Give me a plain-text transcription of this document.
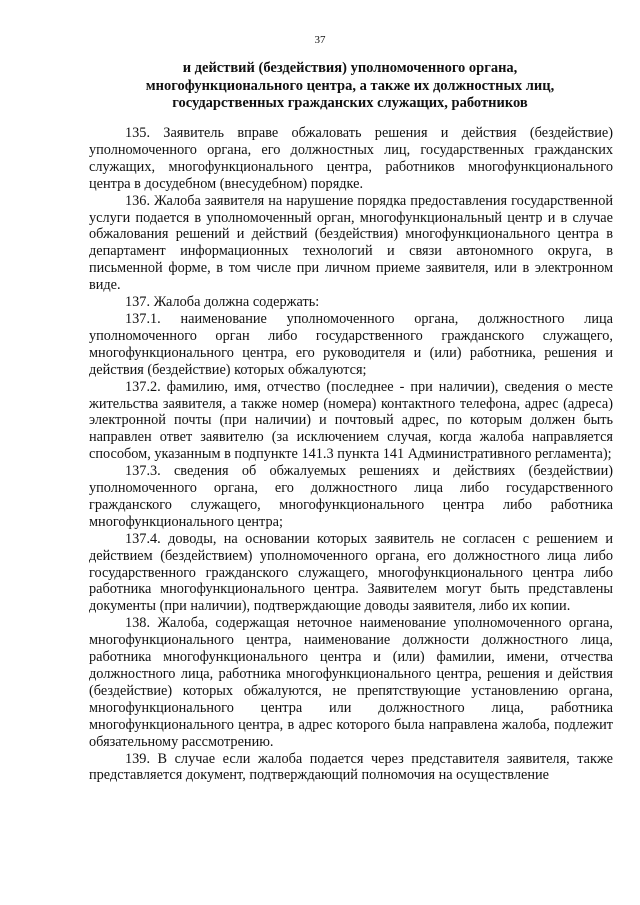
37
и действий (бездействия) уполномоченного органа,
многофункционального центра, а также их должностных лиц,
государственных гражданских служащих, работников

135. Заявитель вправе обжаловать решения и действия (бездействие) уполномоченного органа, его должностных лиц, государственных гражданских служащих, многофункционального центра, работников многофункционального центра в досудебном (внесудебном) порядке.

136. Жалоба заявителя на нарушение порядка предоставления государственной услуги подается в уполномоченный орган, многофункциональный центр и в случае обжалования решений и действий (бездействия) многофункционального центра в департамент информационных технологий и связи автономного округа, в письменной форме, в том числе при личном приеме заявителя, или в электронном виде.

137. Жалоба должна содержать:

137.1. наименование уполномоченного органа, должностного лица уполномоченного орган либо государственного гражданского служащего, многофункционального центра, его руководителя и (или) работника, решения и действия (бездействие) которых обжалуются;

137.2. фамилию, имя, отчество (последнее - при наличии), сведения о месте жительства заявителя, а также номер (номера) контактного телефона, адрес (адреса) электронной почты (при наличии) и почтовый адрес, по которым должен быть направлен ответ заявителю (за исключением случая, когда жалоба направляется способом, указанным в подпункте 141.3 пункта 141 Административного регламента);

137.3. сведения об обжалуемых решениях и действиях (бездействии) уполномоченного органа, его должностного лица либо государственного гражданского служащего, многофункционального центра либо работника многофункционального центра;

137.4. доводы, на основании которых заявитель не согласен с решением и действием (бездействием) уполномоченного органа, его должностного лица либо государственного гражданского служащего, многофункционального центра либо работника многофункционального центра. Заявителем могут быть представлены документы (при наличии), подтверждающие доводы заявителя, либо их копии.

138. Жалоба, содержащая неточное наименование уполномоченного органа, многофункционального центра, наименование должности должностного лица, работника многофункционального центра и (или) фамилии, имени, отчества должностного лица, работника многофункционального центра, решения и действия (бездействие) которых обжалуются, не препятствующие установлению органа, многофункционального центра или должностного лица, работника многофункционального центра, в адрес которого была направлена жалоба, подлежит обязательному рассмотрению.

139. В случае если жалоба подается через представителя заявителя, также представляется документ, подтверждающий полномочия на осуществление
